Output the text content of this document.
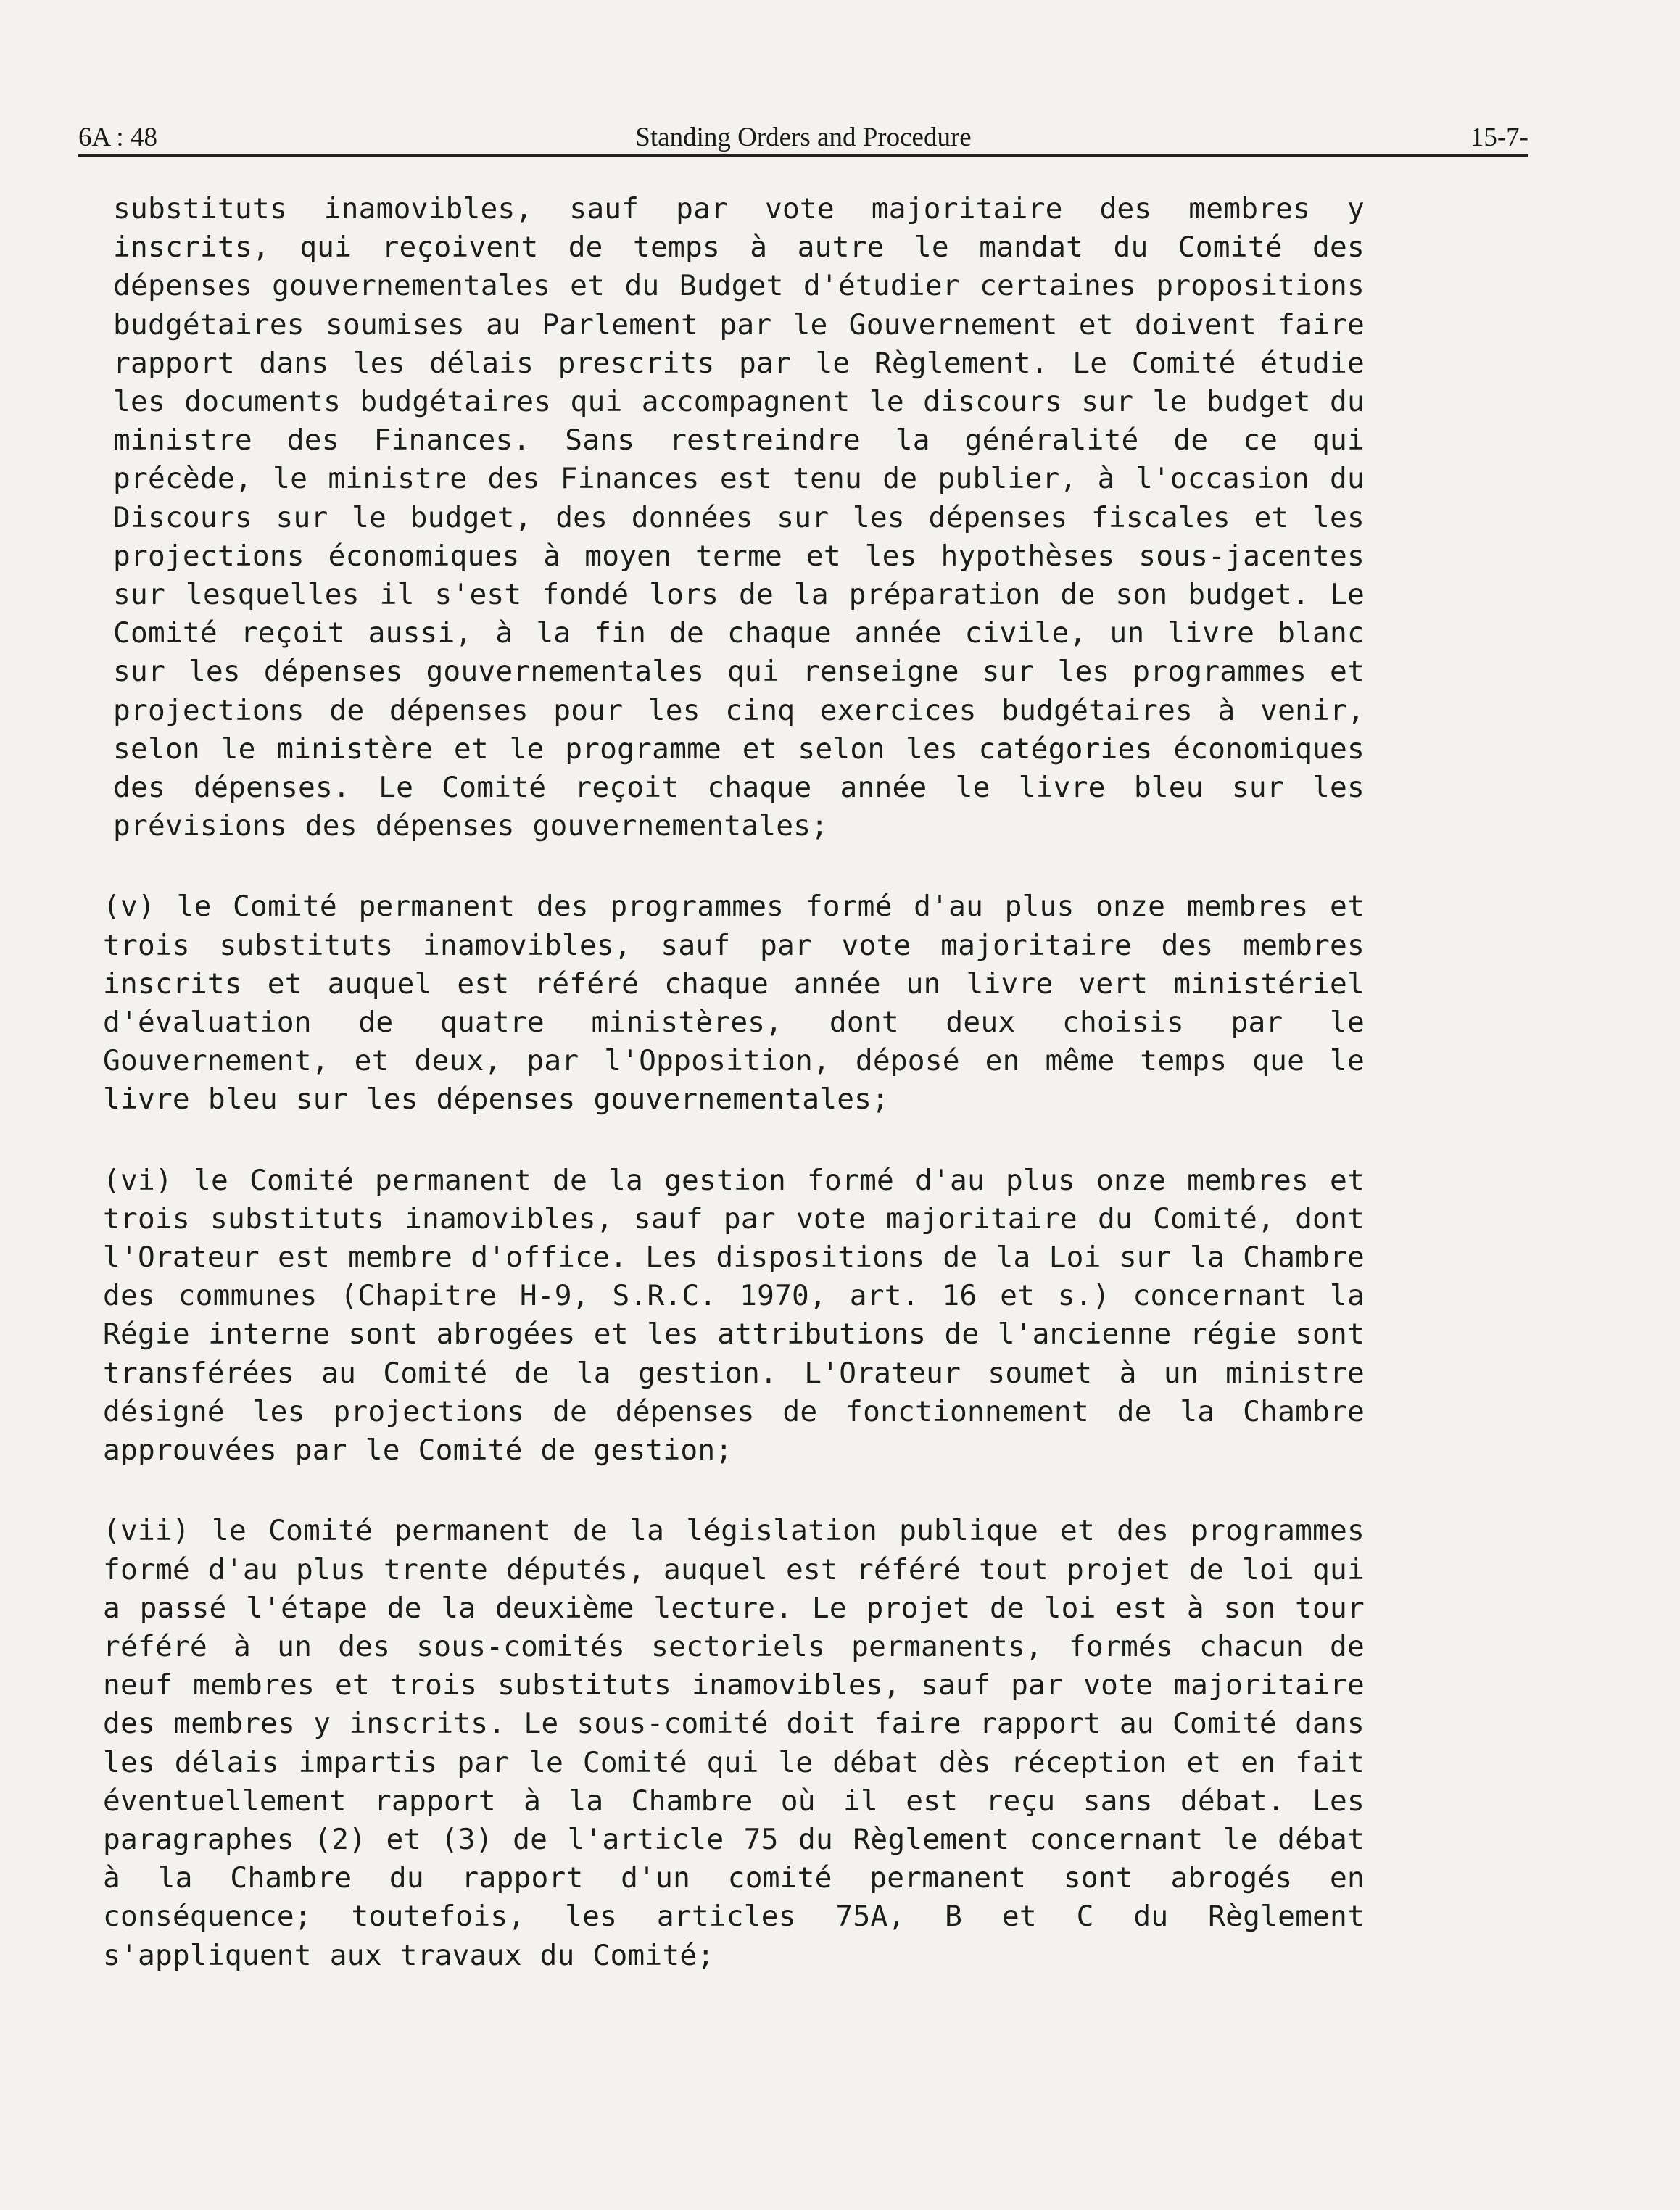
6A : 48	Standing Orders and Procedure	15-7-

substituts inamovibles, sauf par vote majoritaire des membres y inscrits, qui reçoivent de temps à autre le mandat du Comité des dépenses gouvernementales et du Budget d'étudier certaines propositions budgétaires soumises au Parlement par le Gouvernement et doivent faire rapport dans les délais prescrits par le Règlement. Le Comité étudie les documents budgétaires qui accompagnent le discours sur le budget du ministre des Finances. Sans restreindre la généralité de ce qui précède, le ministre des Finances est tenu de publier, à l'occasion du Discours sur le budget, des données sur les dépenses fiscales et les projections économiques à moyen terme et les hypothèses sous-jacentes sur lesquelles il s'est fondé lors de la préparation de son budget. Le Comité reçoit aussi, à la fin de chaque année civile, un livre blanc sur les dépenses gouvernementales qui renseigne sur les programmes et projections de dépenses pour les cinq exercices budgétaires à venir, selon le ministère et le programme et selon les catégories économiques des dépenses. Le Comité reçoit chaque année le livre bleu sur les prévisions des dépenses gouvernementales;

(v) le Comité permanent des programmes formé d'au plus onze membres et trois substituts inamovibles, sauf par vote majoritaire des membres inscrits et auquel est référé chaque année un livre vert ministériel d'évaluation de quatre ministères, dont deux choisis par le Gouvernement, et deux, par l'Opposition, déposé en même temps que le livre bleu sur les dépenses gouvernementales;

(vi) le Comité permanent de la gestion formé d'au plus onze membres et trois substituts inamovibles, sauf par vote majoritaire du Comité, dont l'Orateur est membre d'office. Les dispositions de la Loi sur la Chambre des communes (Chapitre H-9, S.R.C. 1970, art. 16 et s.) concernant la Régie interne sont abrogées et les attributions de l'ancienne régie sont transférées au Comité de la gestion. L'Orateur soumet à un ministre désigné les projections de dépenses de fonctionnement de la Chambre approuvées par le Comité de gestion;

(vii) le Comité permanent de la législation publique et des programmes formé d'au plus trente députés, auquel est référé tout projet de loi qui a passé l'étape de la deuxième lecture. Le projet de loi est à son tour référé à un des sous-comités sectoriels permanents, formés chacun de neuf membres et trois substituts inamovibles, sauf par vote majoritaire des membres y inscrits. Le sous-comité doit faire rapport au Comité dans les délais impartis par le Comité qui le débat dès réception et en fait éventuellement rapport à la Chambre où il est reçu sans débat. Les paragraphes (2) et (3) de l'article 75 du Règlement concernant le débat à la Chambre du rapport d'un comité permanent sont abrogés en conséquence; toutefois, les articles 75A, B et C du Règlement s'appliquent aux travaux du Comité;
